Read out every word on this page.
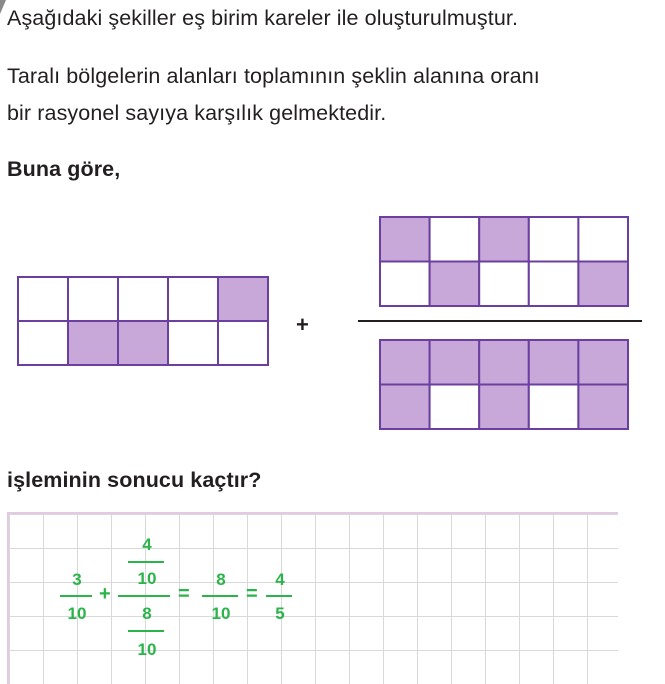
Aşağıdaki şekiller eş birim kareler ile oluşturulmuştur.
Taralı bölgelerin alanları toplamının şeklin alanına oranı
bir rasyonel sayıya karşılık gelmektedir.
Buna göre,
+
işleminin sonucu kaçtır?
3
10
+
4
10
8
10
=
8
10
=
4
5
